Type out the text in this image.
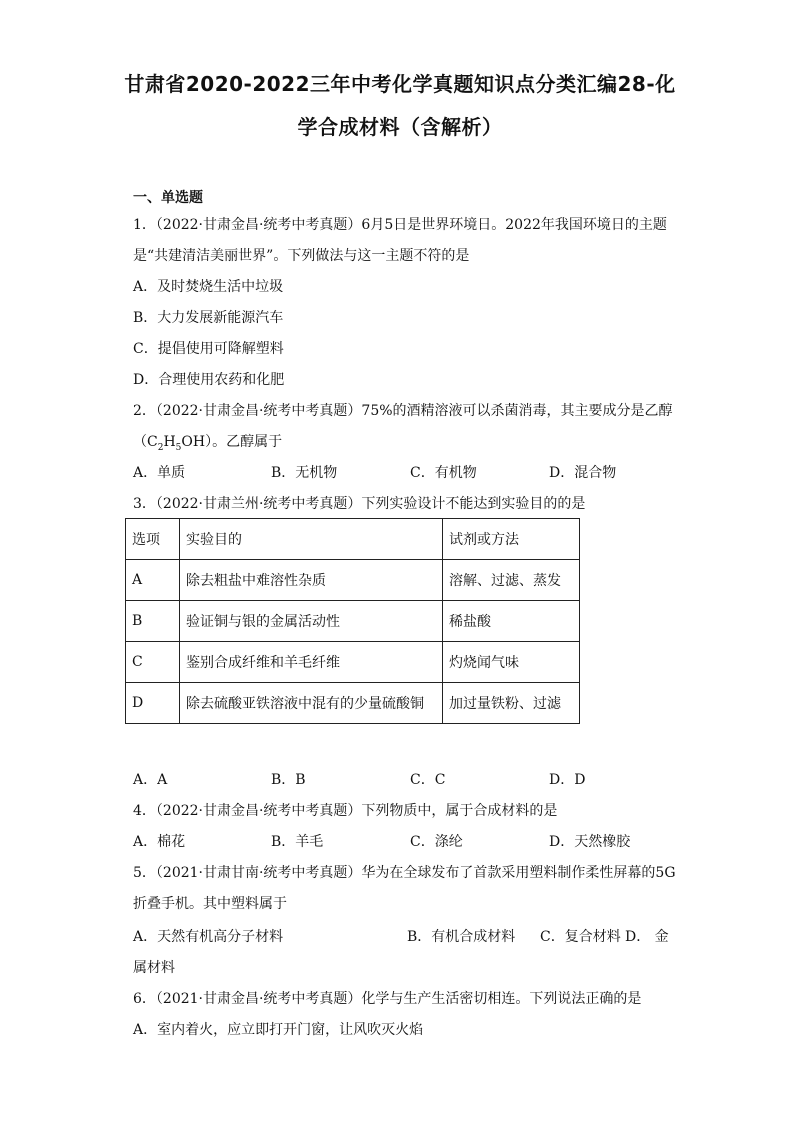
甘肃省2020-2022三年中考化学真题知识点分类汇编28-化
学合成材料（含解析）
一、单选题
1．（2022·甘肃金昌·统考中考真题）6月5日是世界环境日。2022年我国环境日的主题
是“共建清洁美丽世界”。下列做法与这一主题不符的是
A．及时焚烧生活中垃圾
B．大力发展新能源汽车
C．提倡使用可降解塑料
D．合理使用农药和化肥
2．（2022·甘肃金昌·统考中考真题）75%的酒精溶液可以杀菌消毒，其主要成分是乙醇
$(C_2H_5OH)$。乙醇属于
A．单质	B．无机物	C．有机物	D．混合物
3．（2022·甘肃兰州·统考中考真题）下列实验设计不能达到实验目的的是
选项	实验目的	试剂或方法
A	除去粗盐中难溶性杂质	溶解、过滤、蒸发
B	验证铜与银的金属活动性	稀盐酸
C	鉴别合成纤维和羊毛纤维	灼烧闻气味
D	除去硫酸亚铁溶液中混有的少量硫酸铜	加过量铁粉、过滤
A．A	B．B	C．C	D．D
4．（2022·甘肃金昌·统考中考真题）下列物质中，属于合成材料的是
A．棉花	B．羊毛	C．涤纶	D．天然橡胶
5．（2021·甘肃甘南·统考中考真题）华为在全球发布了首款采用塑料制作柔性屏幕的5G
折叠手机。其中塑料属于
A．天然有机高分子材料	B．有机合成材料 C．复合材料 D． 金
属材料
6．（2021·甘肃金昌·统考中考真题）化学与生产生活密切相连。下列说法正确的是
A．室内着火，应立即打开门窗，让风吹灭火焰
